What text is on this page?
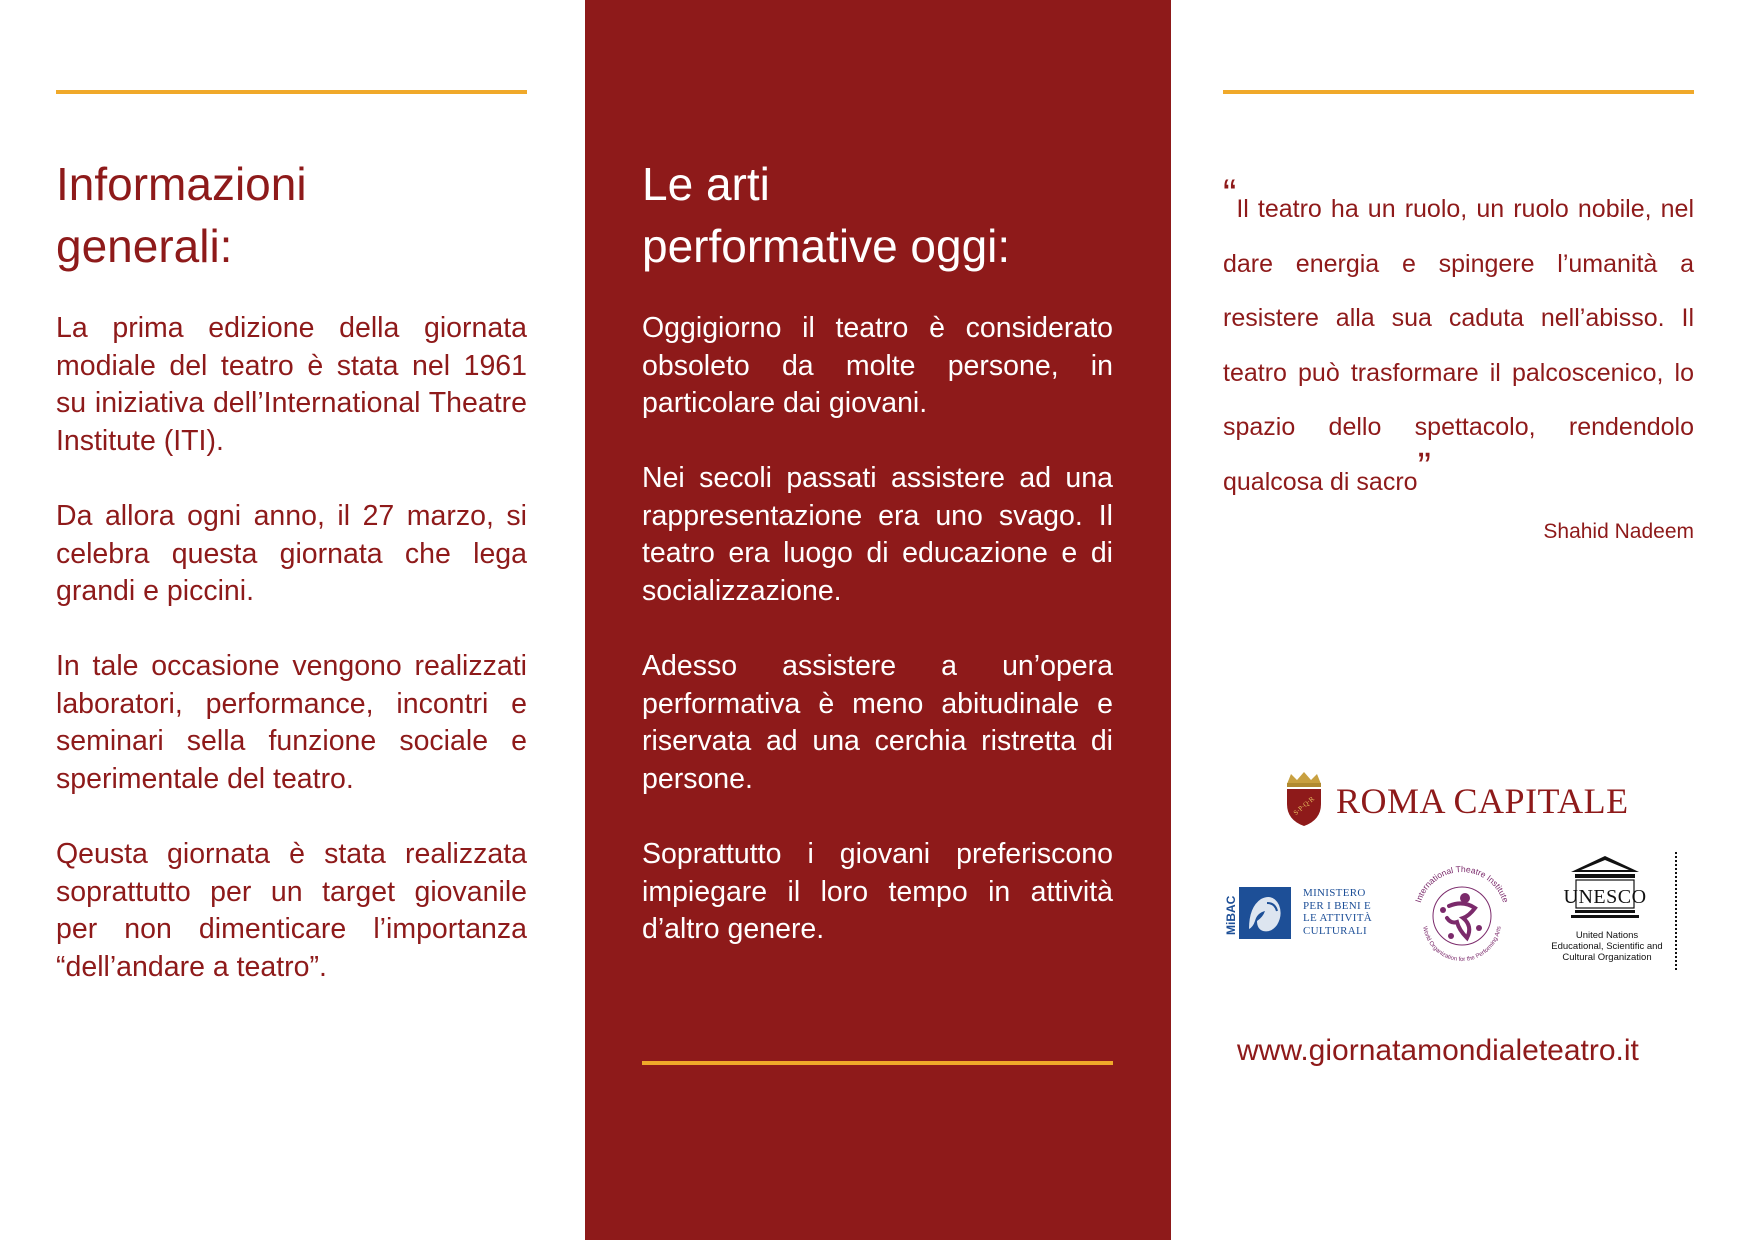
Informazioni
generali:

La prima edizione della giornata modiale del teatro è stata nel 1961 su iniziativa dell’International Theatre Institute (ITI).

Da allora ogni anno, il 27 marzo, si celebra questa giornata che lega grandi e piccini.

In tale occasione vengono realizzati laboratori, performance, incontri e seminari sella funzione sociale e sperimentale del teatro.

Qeusta giornata è stata realizzata soprattutto per un target giovanile per non dimenticare l’importanza “dell’andare a teatro”.

Le arti
performative oggi:

Oggigiorno il teatro è considerato obsoleto da molte persone, in particolare dai giovani.

Nei secoli passati assistere ad una rappresentazione era uno svago. Il teatro era luogo di educazione e di socializzazione.

Adesso assistere a un’opera performativa è meno abitudinale e riservata ad una cerchia ristretta di persone.

Soprattutto i giovani preferiscono impiegare il loro tempo in attività d’altro genere.

“Il teatro ha un ruolo, un ruolo nobile, nel dare energia e spingere l’umanità a resistere alla sua caduta nell’abisso. Il teatro può trasformare il palcoscenico, lo spazio dello spettacolo, rendendolo qualcosa di sacro”

Shahid Nadeem
S·P·Q·R ROMA CAPITALE
MiBAC
MINISTERO
PER I BENI E
LE ATTIVITÀ
CULTURALI
International Theatre Institute
World Organization for the Performing Arts
UNESCO
United Nations
Educational, Scientific and
Cultural Organization
www.giornatamondialeteatro.it
